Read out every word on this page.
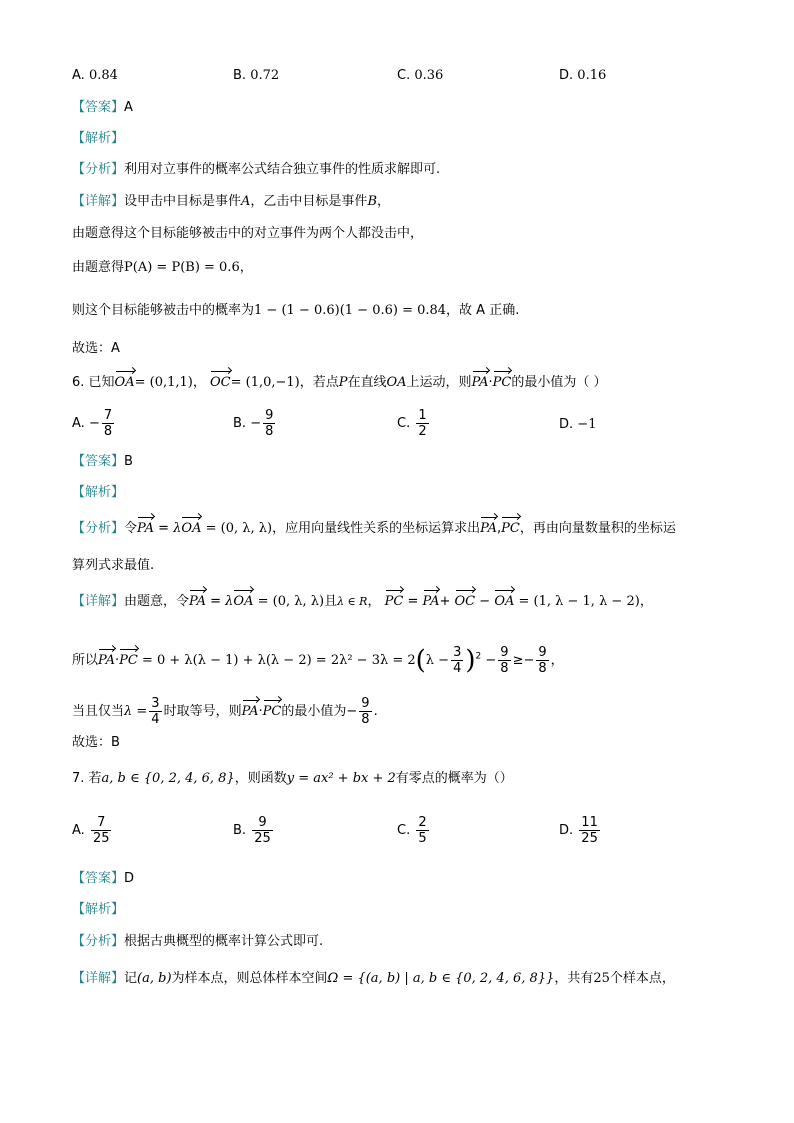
A. 0.84	B. 0.72	C. 0.36	D. 0.16
【答案】A
【解析】
【分析】利用对立事件的概率公式结合独立事件的性质求解即可.
【详解】设甲击中目标是事件A，乙击中目标是事件B，
由题意得这个目标能够被击中的对立事件为两个人都没击中，
由题意得P(A) = P(B) = 0.6，
则这个目标能够被击中的概率为1 − (1 − 0.6)(1 − 0.6) = 0.84，故 A 正确.
故选：A
6. 已知OA= (0,1,1)， OC= (1,0,−1)，若点P在直线OA上运动，则PA·PC的最小值为（ ）
A. − $\frac{7}{8}$	B. − $\frac{9}{8}$	C. $\frac{1}{2}$	D. −1
【答案】B
【解析】
【分析】令PA = λOA = (0, λ, λ)，应用向量线性关系的坐标运算求出PA,PC，再由向量数量积的坐标运
算列式求最值.
【详解】由题意，令PA = λOA = (0, λ, λ)且λ ∈ R， PC = PA+ OC − OA = (1, λ − 1, λ − 2)，
所以$PA\cdot PC = 0 + \lambda(\lambda - 1) + \lambda(\lambda - 2) = 2\lambda^2 - 3\lambda = 2(\lambda - \frac{3}{4} )^2 - \frac{9}{8} \ge- \frac{9}{8}$ ，
当且仅当$\lambda = \frac{3}{4}$ 时取等号，则PA·PC的最小值为− $\frac{9}{8}$ .
故选：B
7. 若a, b ∈ {0, 2, 4, 6, 8}，则函数y = ax² + bx + 2有零点的概率为（）
A. $\frac{7}{25}$	B. $\frac{9}{25}$	C. $\frac{2}{5}$	D. $\frac{11}{25}$
【答案】D
【解析】
【分析】根据古典概型的概率计算公式即可.
【详解】记(a, b)为样本点，则总体样本空间Ω = {(a, b) | a, b ∈ {0, 2, 4, 6, 8}}，共有25个样本点，
